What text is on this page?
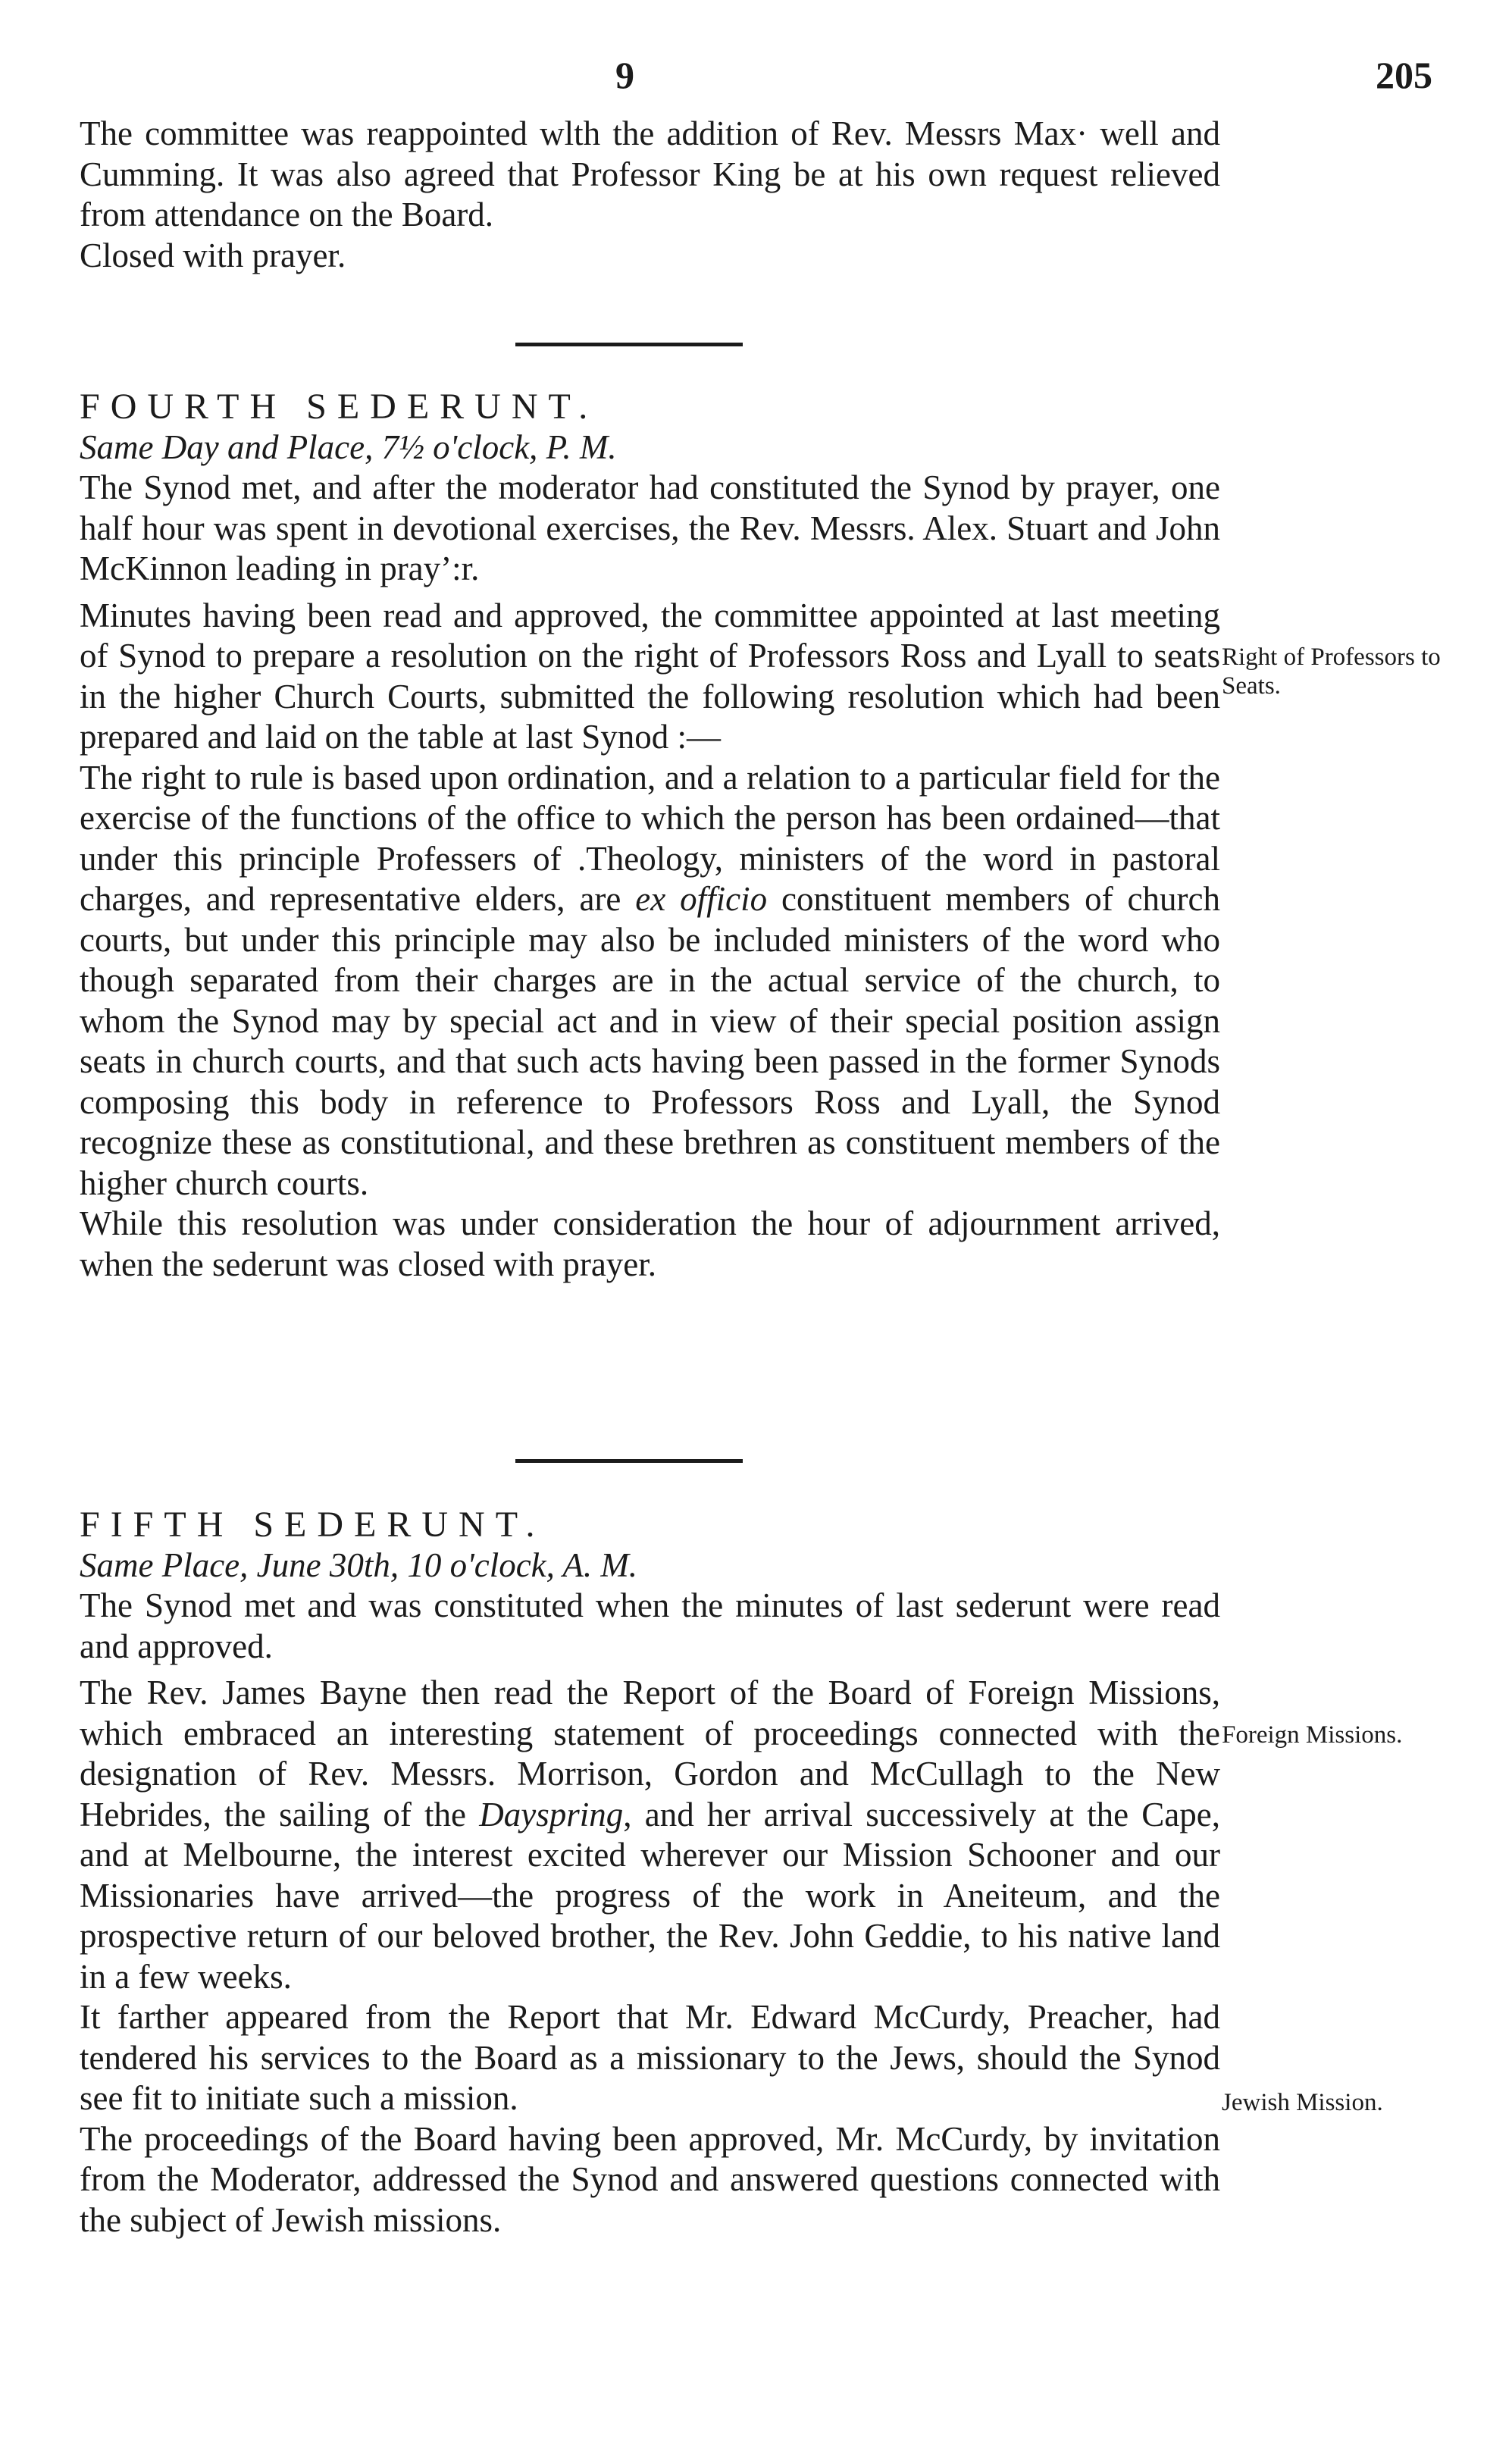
9	205

The committee was reappointed wlth the addition of Rev. Messrs Max· well and Cumming. It was also agreed that Professor King be at his own request relieved from attendance on the Board.

Closed with prayer.

FOURTH SEDERUNT.

Same Day and Place, 7½ o'clock, P. M.

The Synod met, and after the moderator had constituted the Synod by prayer, one half hour was spent in devotional exercises, the Rev. Messrs. Alex. Stuart and John McKinnon leading in pray’:r.

Minutes having been read and approved, the committee appointed at last meeting of Synod to prepare a resolution on the right of Professors Ross and Lyall to seats in the higher Church Courts, submitted the following resolution which had been prepared and laid on the table at last Synod :—

The right to rule is based upon ordination, and a relation to a particular field for the exercise of the functions of the office to which the person has been ordained—that under this principle Professers of .Theology, ministers of the word in pastoral charges, and representative elders, are ex officio constituent members of church courts, but under this principle may also be included ministers of the word who though separated from their charges are in the actual service of the church, to whom the Synod may by special act and in view of their special position assign seats in church courts, and that such acts having been passed in the former Synods composing this body in reference to Professors Ross and Lyall, the Synod recognize these as constitutional, and these brethren as constituent members of the higher church courts.

While this resolution was under consideration the hour of adjournment arrived, when the sederunt was closed with prayer.

Right of Professors to Seats.

FIFTH SEDERUNT.

Same Place, June 30th, 10 o'clock, A. M.

The Synod met and was constituted when the minutes of last sederunt were read and approved.

The Rev. James Bayne then read the Report of the Board of Foreign Missions, which embraced an interesting statement of proceedings connected with the designation of Rev. Messrs. Morrison, Gordon and McCullagh to the New Hebrides, the sailing of the Dayspring, and her arrival successively at the Cape, and at Melbourne, the interest excited wherever our Mission Schooner and our Missionaries have arrived—the progress of the work in Aneiteum, and the prospective return of our beloved brother, the Rev. John Geddie, to his native land in a few weeks.

It farther appeared from the Report that Mr. Edward McCurdy, Preacher, had tendered his services to the Board as a missionary to the Jews, should the Synod see fit to initiate such a mission.

The proceedings of the Board having been approved, Mr. McCurdy, by invitation from the Moderator, addressed the Synod and answered questions connected with the subject of Jewish missions.

Foreign Missions.
Jewish Mission.
